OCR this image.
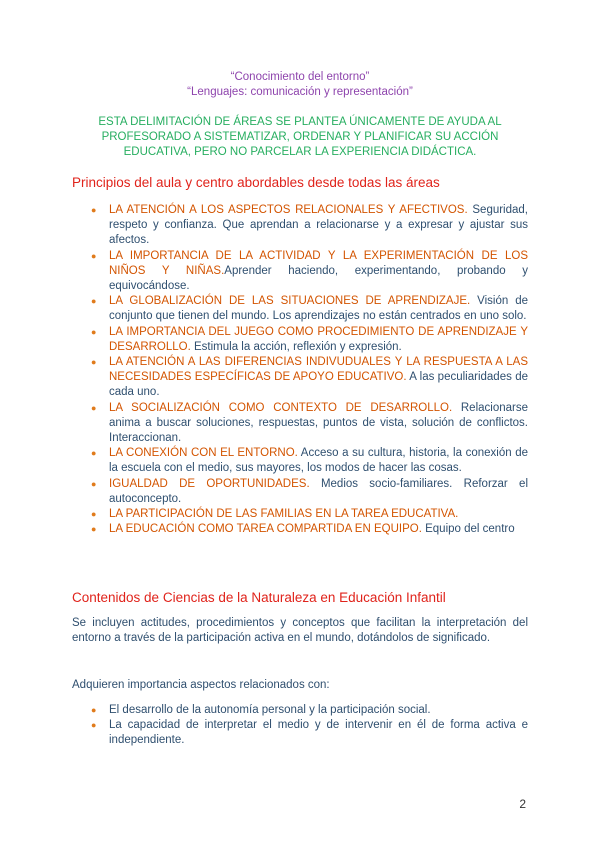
“Conocimiento del entorno”
“Lenguajes: comunicación y representación”
ESTA DELIMITACIÓN DE ÁREAS SE PLANTEA ÚNICAMENTE DE AYUDA AL
PROFESORADO A SISTEMATIZAR, ORDENAR Y PLANIFICAR SU ACCIÓN
EDUCATIVA, PERO NO PARCELAR LA EXPERIENCIA DIDÁCTICA.
Principios del aula y centro abordables desde todas las áreas
● LA ATENCIÓN A LOS ASPECTOS RELACIONALES Y AFECTIVOS. Seguridad, respeto y confianza. Que aprendan a relacionarse y a expresar y ajustar sus afectos.
● LA IMPORTANCIA DE LA ACTIVIDAD Y LA EXPERIMENTACIÓN DE LOS NIÑOS Y NIÑAS.Aprender haciendo, experimentando, probando y equivocándose.
● LA GLOBALIZACIÓN DE LAS SITUACIONES DE APRENDIZAJE. Visión de conjunto que tienen del mundo. Los aprendizajes no están centrados en uno solo.
● LA IMPORTANCIA DEL JUEGO COMO PROCEDIMIENTO DE APRENDIZAJE Y DESARROLLO. Estimula la acción, reflexión y expresión.
● LA ATENCIÓN A LAS DIFERENCIAS INDIVUDUALES Y LA RESPUESTA A LAS NECESIDADES ESPECÍFICAS DE APOYO EDUCATIVO. A las peculiaridades de cada uno.
● LA SOCIALIZACIÓN COMO CONTEXTO DE DESARROLLO. Relacionarse anima a buscar soluciones, respuestas, puntos de vista, solución de conflictos. Interaccionan.
● LA CONEXIÓN CON EL ENTORNO. Acceso a su cultura, historia, la conexión de la escuela con el medio, sus mayores, los modos de hacer las cosas.
● IGUALDAD DE OPORTUNIDADES. Medios socio-familiares. Reforzar el autoconcepto.
● LA PARTICIPACIÓN DE LAS FAMILIAS EN LA TAREA EDUCATIVA.
● LA EDUCACIÓN COMO TAREA COMPARTIDA EN EQUIPO. Equipo del centro
Contenidos de Ciencias de la Naturaleza en Educación Infantil
Se incluyen actitudes, procedimientos y conceptos que facilitan la interpretación del entorno a través de la participación activa en el mundo, dotándolos de significado.
Adquieren importancia aspectos relacionados con:
● El desarrollo de la autonomía personal y la participación social.
● La capacidad de interpretar el medio y de intervenir en él de forma activa e independiente.
2
